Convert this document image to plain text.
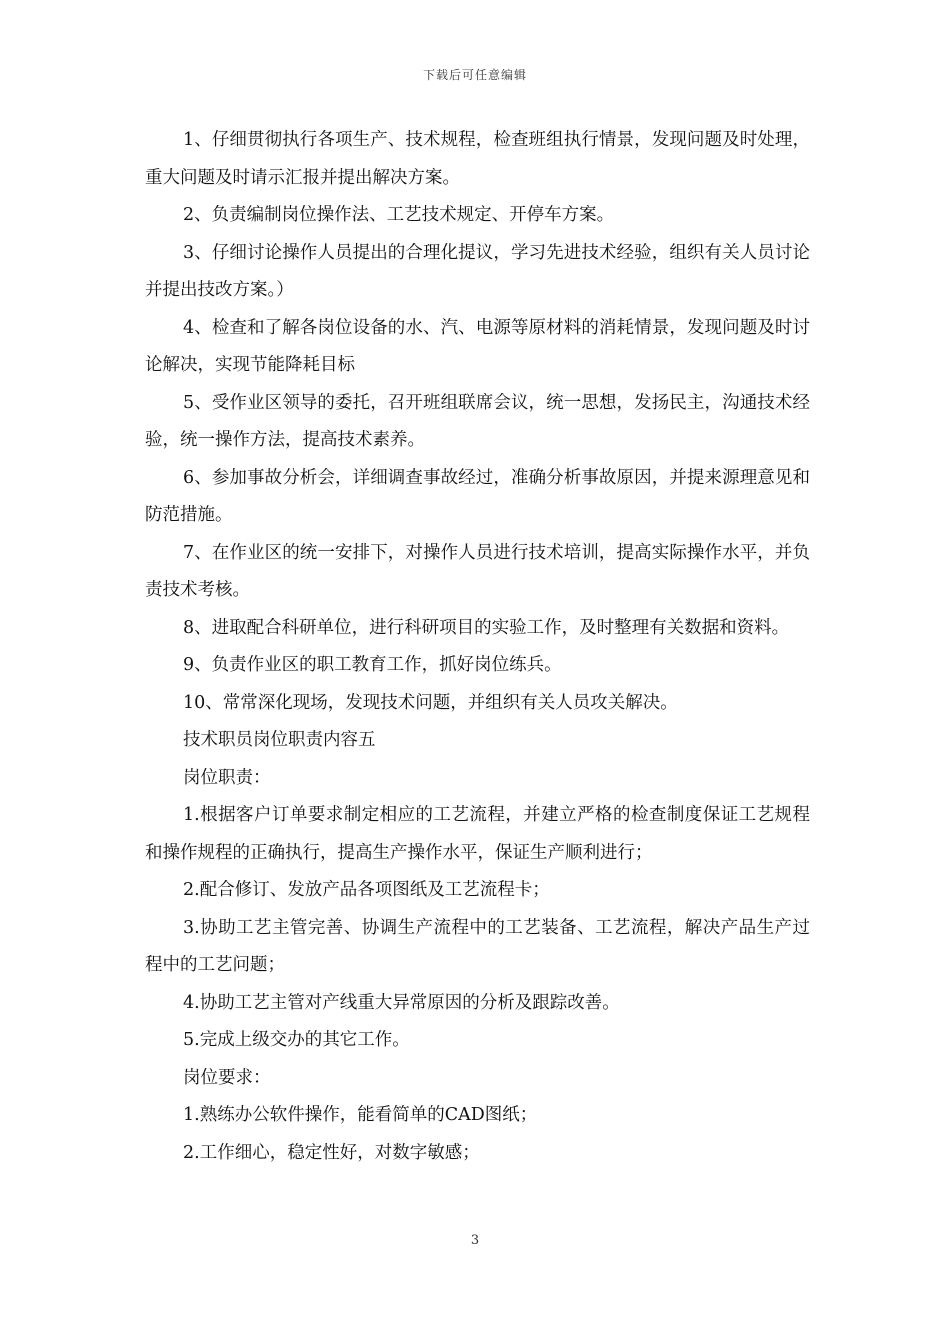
下载后可任意编辑

1、仔细贯彻执行各项生产、技术规程，检查班组执行情景，发现问题及时处理，重大问题及时请示汇报并提出解决方案。

2、负责编制岗位操作法、工艺技术规定、开停车方案。

3、仔细讨论操作人员提出的合理化提议，学习先进技术经验，组织有关人员讨论并提出技改方案。）

4、检查和了解各岗位设备的水、汽、电源等原材料的消耗情景，发现问题及时讨论解决，实现节能降耗目标

5、受作业区领导的委托，召开班组联席会议，统一思想，发扬民主，沟通技术经验，统一操作方法，提高技术素养。

6、参加事故分析会，详细调查事故经过，准确分析事故原因，并提来源理意见和防范措施。

7、在作业区的统一安排下，对操作人员进行技术培训，提高实际操作水平，并负责技术考核。

8、进取配合科研单位，进行科研项目的实验工作，及时整理有关数据和资料。

9、负责作业区的职工教育工作，抓好岗位练兵。

10、常常深化现场，发现技术问题，并组织有关人员攻关解决。

技术职员岗位职责内容五

岗位职责：

1.根据客户订单要求制定相应的工艺流程，并建立严格的检查制度保证工艺规程和操作规程的正确执行，提高生产操作水平，保证生产顺利进行；

2.配合修订、发放产品各项图纸及工艺流程卡；

3.协助工艺主管完善、协调生产流程中的工艺装备、工艺流程，解决产品生产过程中的工艺问题；

4.协助工艺主管对产线重大异常原因的分析及跟踪改善。

5.完成上级交办的其它工作。

岗位要求：

1.熟练办公软件操作，能看简单的CAD图纸；

2.工作细心，稳定性好，对数字敏感；

3
